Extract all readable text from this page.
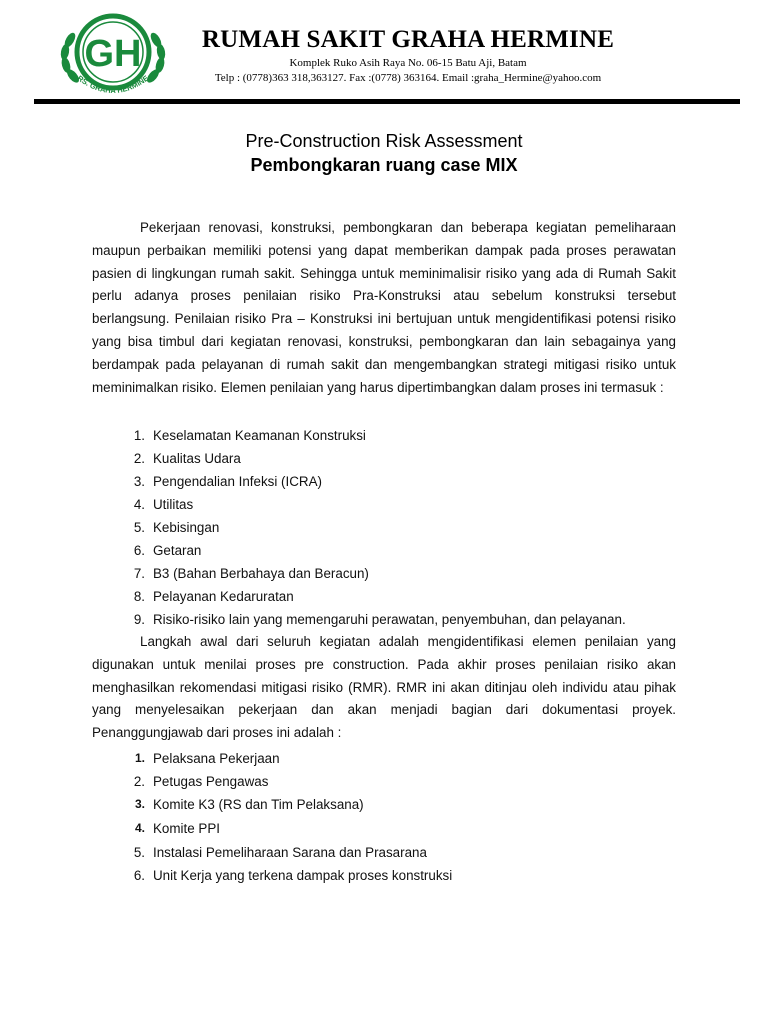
GH
RS. GRAHA HERMINE
RUMAH SAKIT GRAHA HERMINE
Komplek Ruko Asih Raya No. 06-15 Batu Aji, Batam
Telp : (0778)363 318,363127. Fax :(0778) 363164. Email :graha_Hermine@yahoo.com
Pre-Construction Risk Assessment
Pembongkaran ruang case MIX

Pekerjaan renovasi, konstruksi, pembongkaran dan beberapa kegiatan pemeliharaan maupun perbaikan memiliki potensi yang dapat memberikan dampak pada proses perawatan pasien di lingkungan rumah sakit. Sehingga untuk meminimalisir risiko yang ada di Rumah Sakit perlu adanya proses penilaian risiko Pra-Konstruksi atau sebelum konstruksi tersebut berlangsung. Penilaian risiko Pra – Konstruksi ini bertujuan untuk mengidentifikasi potensi risiko yang bisa timbul dari kegiatan renovasi, konstruksi, pembongkaran dan lain sebagainya yang berdampak pada pelayanan di rumah sakit dan mengembangkan strategi mitigasi risiko untuk meminimalkan risiko. Elemen penilaian yang harus dipertimbangkan dalam proses ini termasuk :

1. Keselamatan Keamanan Konstruksi
2. Kualitas Udara
3. Pengendalian Infeksi (ICRA)
4. Utilitas
5. Kebisingan
6. Getaran
7. B3 (Bahan Berbahaya dan Beracun)
8. Pelayanan Kedaruratan
9. Risiko-risiko lain yang memengaruhi perawatan, penyembuhan, dan pelayanan.

Langkah awal dari seluruh kegiatan adalah mengidentifikasi elemen penilaian yang digunakan untuk menilai proses pre construction. Pada akhir proses penilaian risiko akan menghasilkan rekomendasi mitigasi risiko (RMR). RMR ini akan ditinjau oleh individu atau pihak yang menyelesaikan pekerjaan dan akan menjadi bagian dari dokumentasi proyek. Penanggungjawab dari proses ini adalah :

1. Pelaksana Pekerjaan
2. Petugas Pengawas
3. Komite K3 (RS dan Tim Pelaksana)
4. Komite PPI
5. Instalasi Pemeliharaan Sarana dan Prasarana
6. Unit Kerja yang terkena dampak proses konstruksi
